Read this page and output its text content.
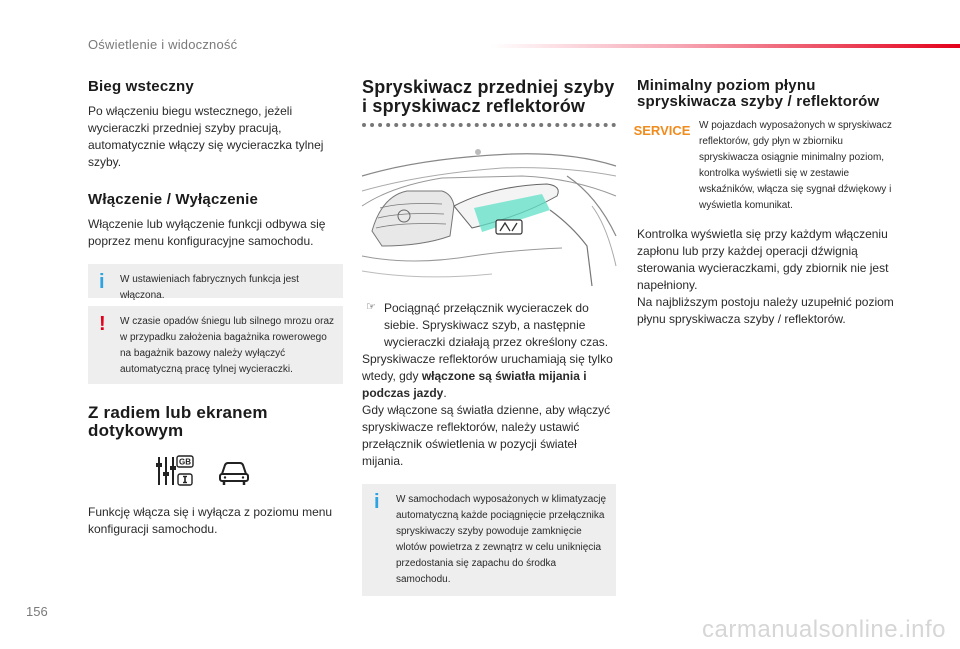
Oświetlenie i widoczność
Bieg wsteczny

Po włączeniu biegu wstecznego, jeżeli wycieraczki przedniej szyby pracują, automatycznie włączy się wycieraczka tylnej szyby.

Włączenie / Wyłączenie

Włączenie lub wyłączenie funkcji odbywa się poprzez menu konfiguracyjne samochodu.

i W ustawieniach fabrycznych funkcja jest włączona.

! W czasie opadów śniegu lub silnego mrozu oraz w przypadku założenia bagażnika rowerowego na bagażnik bazowy należy wyłączyć automatyczną pracę tylnej wycieraczki.

Z radiem lub ekranem dotykowym
GB

Funkcję włącza się i wyłącza z poziomu menu konfiguracji samochodu.

Spryskiwacz przedniej szyby i spryskiwacz reflektorów
☞ Pociągnąć przełącznik wycieraczek do siebie. Spryskiwacz szyb, a następnie wycieraczki działają przez określony czas.

Spryskiwacze reflektorów uruchamiają się tylko wtedy, gdy włączone są światła mijania i podczas jazdy.

Gdy włączone są światła dzienne, aby włączyć spryskiwacze reflektorów, należy ustawić przełącznik oświetlenia w pozycji świateł mijania.

i W samochodach wyposażonych w klimatyzację automatyczną każde pociągnięcie przełącznika spryskiwaczy szyby powoduje zamknięcie wlotów powietrza z zewnątrz w celu uniknięcia przedostania się zapachu do środka samochodu.

Minimalny poziom płynu spryskiwacza szyby / reflektorów
SERVICE W pojazdach wyposażonych w spryskiwacz reflektorów, gdy płyn w zbiorniku spryskiwacza osiągnie minimalny poziom, kontrolka wyświetli się w zestawie wskaźników, włącza się sygnał dźwiękowy i wyświetla komunikat.

Kontrolka wyświetla się przy każdym włączeniu zapłonu lub przy każdej operacji dźwignią sterowania wycieraczkami, gdy zbiornik nie jest napełniony.

Na najbliższym postoju należy uzupełnić poziom płynu spryskiwacza szyby / reflektorów.

156
carmanualsonline.info
